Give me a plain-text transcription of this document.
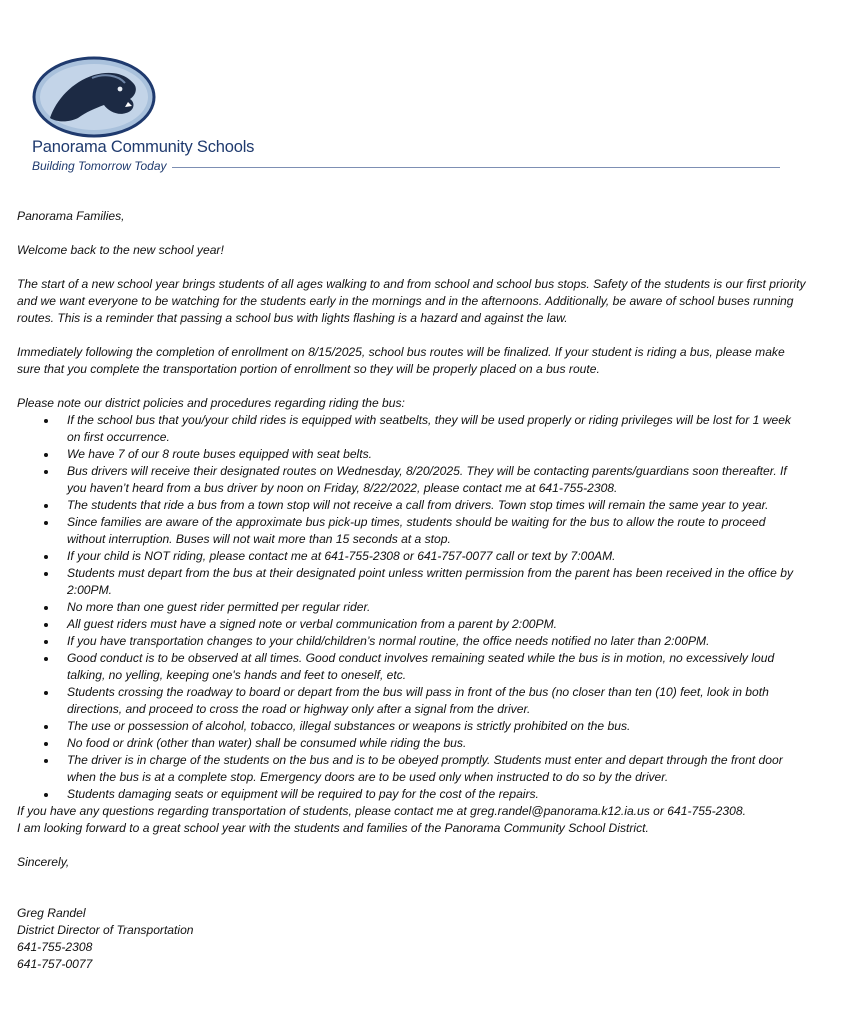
Panorama Community Schools
Building Tomorrow Today

Panorama Families,

Welcome back to the new school year!

The start of a new school year brings students of all ages walking to and from school and school bus stops. Safety of the students is our first priority and we want everyone to be watching for the students early in the mornings and in the afternoons. Additionally, be aware of school buses running routes. This is a reminder that passing a school bus with lights flashing is a hazard and against the law.

Immediately following the completion of enrollment on 8/15/2025, school bus routes will be finalized. If your student is riding a bus, please make sure that you complete the transportation portion of enrollment so they will be properly placed on a bus route.

Please note our district policies and procedures regarding riding the bus:

If the school bus that you/your child rides is equipped with seatbelts, they will be used properly or riding privileges will be lost for 1 week on first occurrence.
We have 7 of our 8 route buses equipped with seat belts.
Bus drivers will receive their designated routes on Wednesday, 8/20/2025. They will be contacting parents/guardians soon thereafter. If you haven’t heard from a bus driver by noon on Friday, 8/22/2022, please contact me at 641-755-2308.
The students that ride a bus from a town stop will not receive a call from drivers. Town stop times will remain the same year to year.
Since families are aware of the approximate bus pick-up times, students should be waiting for the bus to allow the route to proceed without interruption. Buses will not wait more than 15 seconds at a stop.
If your child is NOT riding, please contact me at 641-755-2308 or 641-757-0077 call or text by 7:00AM.
Students must depart from the bus at their designated point unless written permission from the parent has been received in the office by 2:00PM.
No more than one guest rider permitted per regular rider.
All guest riders must have a signed note or verbal communication from a parent by 2:00PM.
If you have transportation changes to your child/children’s normal routine, the office needs notified no later than 2:00PM.
Good conduct is to be observed at all times. Good conduct involves remaining seated while the bus is in motion, no excessively loud talking, no yelling, keeping one's hands and feet to oneself, etc.
Students crossing the roadway to board or depart from the bus will pass in front of the bus (no closer than ten (10) feet, look in both directions, and proceed to cross the road or highway only after a signal from the driver.
The use or possession of alcohol, tobacco, illegal substances or weapons is strictly prohibited on the bus.
No food or drink (other than water) shall be consumed while riding the bus.
The driver is in charge of the students on the bus and is to be obeyed promptly. Students must enter and depart through the front door when the bus is at a complete stop. Emergency doors are to be used only when instructed to do so by the driver.
Students damaging seats or equipment will be required to pay for the cost of the repairs.

If you have any questions regarding transportation of students, please contact me at greg.randel@panorama.k12.ia.us or 641-755-2308.

I am looking forward to a great school year with the students and families of the Panorama Community School District.

Sincerely,

Greg Randel

District Director of Transportation

641-755-2308

641-757-0077
